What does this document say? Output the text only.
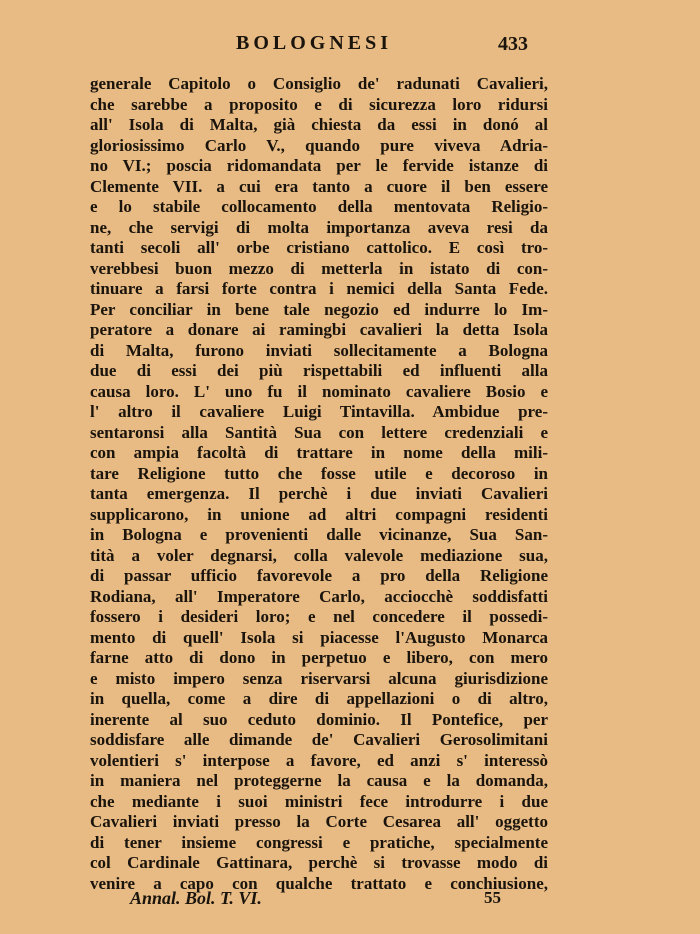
BOLOGNESI	433
generale Capitolo o Consiglio de' radunati Cavalieri,
che sarebbe a proposito e di sicurezza loro ridursi
all' Isola di Malta, già chiesta da essi in donó al
gloriosissimo Carlo V., quando pure viveva Adria-
no VI.; poscia ridomandata per le fervide istanze di
Clemente VII. a cui era tanto a cuore il ben essere
e lo stabile collocamento della mentovata Religio-
ne, che servigi di molta importanza aveva resi da
tanti secoli all' orbe cristiano cattolico. E così tro-
verebbesi buon mezzo di metterla in istato di con-
tinuare a farsi forte contra i nemici della Santa Fede.
Per conciliar in bene tale negozio ed indurre lo Im-
peratore a donare ai ramingbi cavalieri la detta Isola
di Malta, furono inviati sollecitamente a Bologna
due di essi dei più rispettabili ed influenti alla
causa loro. L' uno fu il nominato cavaliere Bosio e
l' altro il cavaliere Luigi Tintavilla. Ambidue pre-
sentaronsi alla Santità Sua con lettere credenziali e
con ampia facoltà di trattare in nome della mili-
tare Religione tutto che fosse utile e decoroso in
tanta emergenza. Il perchè i due inviati Cavalieri
supplicarono, in unione ad altri compagni residenti
in Bologna e provenienti dalle vicinanze, Sua San-
tità a voler degnarsi, colla valevole mediazione sua,
di passar ufficio favorevole a pro della Religione
Rodiana, all' Imperatore Carlo, acciocchè soddisfatti
fossero i desideri loro; e nel concedere il possedi-
mento di quell' Isola si piacesse l'Augusto Monarca
farne atto di dono in perpetuo e libero, con mero
e misto impero senza riservarsi alcuna giurisdizione
in quella, come a dire di appellazioni o di altro,
inerente al suo ceduto dominio. Il Pontefice, per
soddisfare alle dimande de' Cavalieri Gerosolimitani
volentieri s' interpose a favore, ed anzi s' interessò
in maniera nel proteggerne la causa e la domanda,
che mediante i suoi ministri fece introdurre i due
Cavalieri inviati presso la Corte Cesarea all' oggetto
di tener insieme congressi e pratiche, specialmente
col Cardinale Gattinara, perchè si trovasse modo di
venire a capo con qualche trattato e conchiusione,
Annal. Bol. T. VI.	55
